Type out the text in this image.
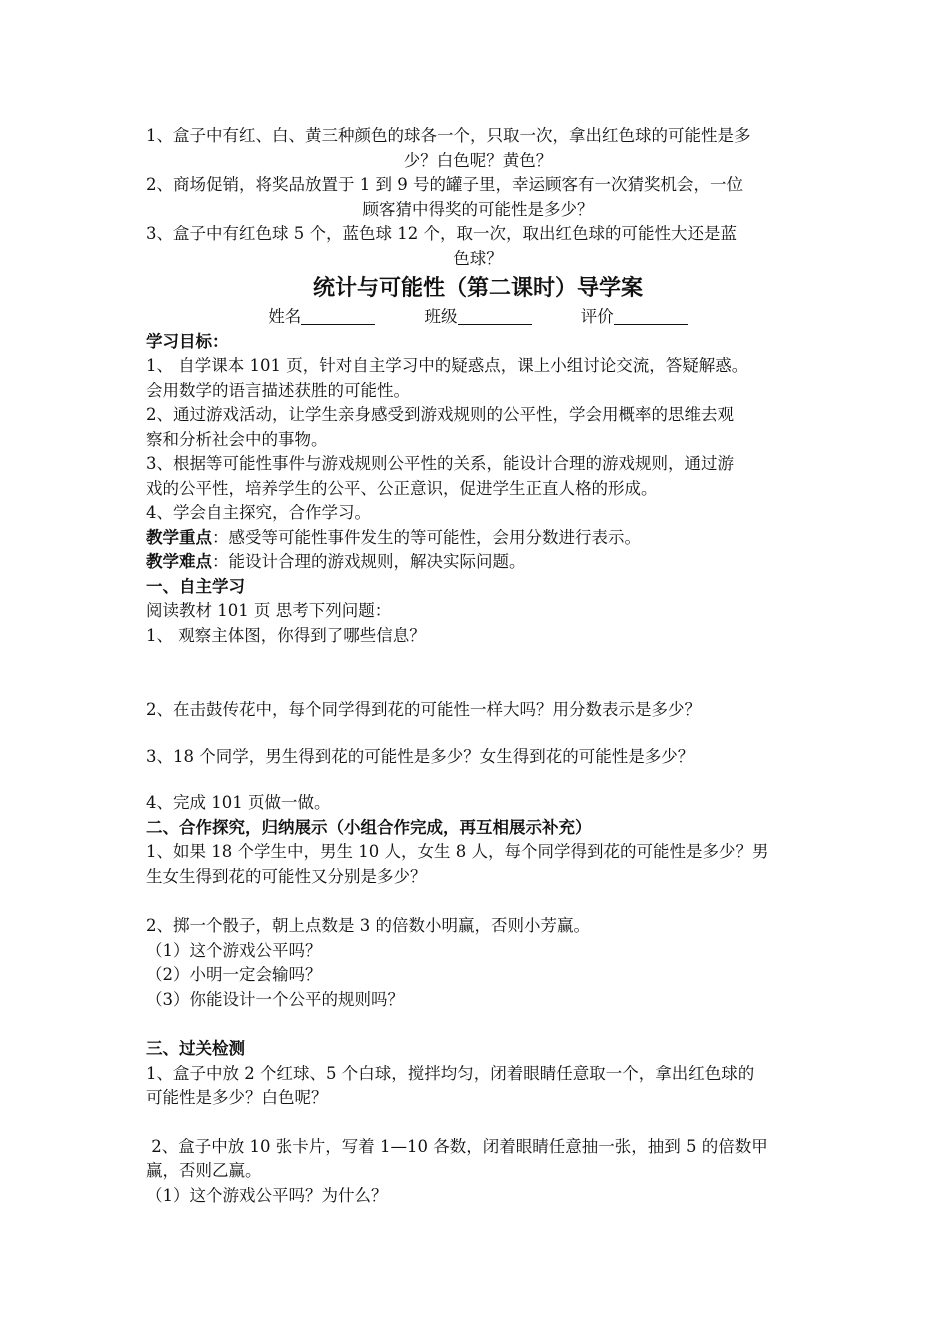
1、盒子中有红、白、黄三种颜色的球各一个，只取一次，拿出红色球的可能性是多

少？白色呢？黄色？

2、商场促销，将奖品放置于 1 到 9 号的罐子里，幸运顾客有一次猜奖机会，一位

顾客猜中得奖的可能性是多少？

3、盒子中有红色球 5 个，蓝色球 12 个，取一次，取出红色球的可能性大还是蓝

色球？

统计与可能性（第二课时）导学案

姓名	班级	评价

学习目标：

1、 自学课本 101 页，针对自主学习中的疑惑点，课上小组讨论交流，答疑解惑。

会用数学的语言描述获胜的可能性。

2、通过游戏活动，让学生亲身感受到游戏规则的公平性，学会用概率的思维去观

察和分析社会中的事物。

3、根据等可能性事件与游戏规则公平性的关系，能设计合理的游戏规则，通过游

戏的公平性，培养学生的公平、公正意识，促进学生正直人格的形成。

4、学会自主探究，合作学习。

教学重点：感受等可能性事件发生的等可能性，会用分数进行表示。

教学难点：能设计合理的游戏规则，解决实际问题。

一、自主学习

阅读教材 101 页 思考下列问题：

1、 观察主体图，你得到了哪些信息？

2、在击鼓传花中，每个同学得到花的可能性一样大吗？用分数表示是多少？

3、18 个同学，男生得到花的可能性是多少？女生得到花的可能性是多少？

4、完成 101 页做一做。

二、合作探究，归纳展示（小组合作完成，再互相展示补充）

1、如果 18 个学生中，男生 10 人，女生 8 人，每个同学得到花的可能性是多少？男

生女生得到花的可能性又分别是多少？

2、掷一个骰子，朝上点数是 3 的倍数小明赢，否则小芳赢。

（1）这个游戏公平吗？

（2）小明一定会输吗？

（3）你能设计一个公平的规则吗？

三、过关检测

1、盒子中放 2 个红球、5 个白球，搅拌均匀，闭着眼睛任意取一个，拿出红色球的

可能性是多少？白色呢？

2、盒子中放 10 张卡片，写着 1—10 各数，闭着眼睛任意抽一张，抽到 5 的倍数甲

赢，否则乙赢。

（1）这个游戏公平吗？为什么？
